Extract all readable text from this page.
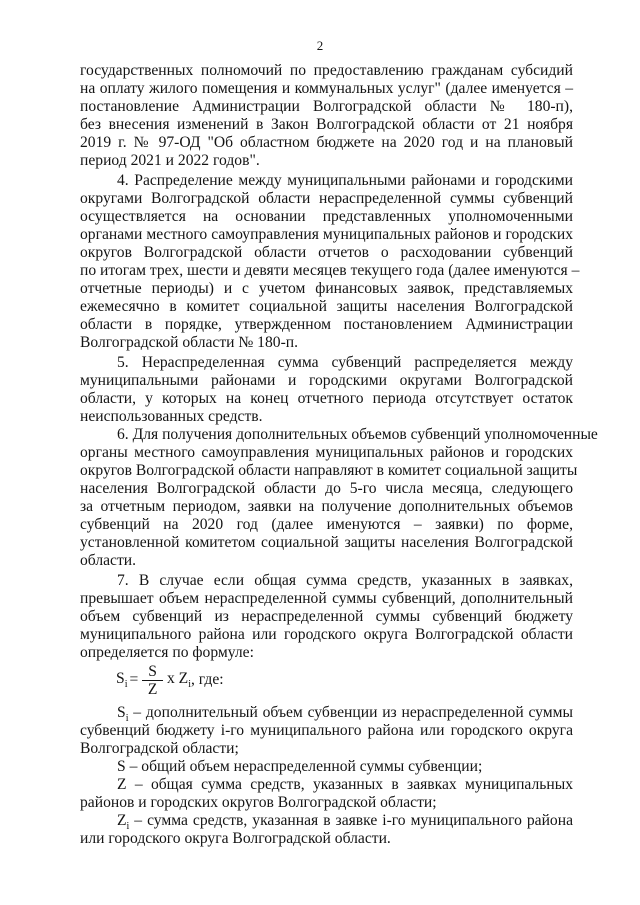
2
государственных полномочий по предоставлению гражданам субсидий
на оплату жилого помещения и коммунальных услуг" (далее именуется –
постановление Администрации Волгоградской области № 180-п),
без внесения изменений в Закон Волгоградской области от 21 ноября
2019 г. № 97-ОД "Об областном бюджете на 2020 год и на плановый
период 2021 и 2022 годов".
4. Распределение между муниципальными районами и городскими
округами Волгоградской области нераспределенной суммы субвенций
осуществляется на основании представленных уполномоченными
органами местного самоуправления муниципальных районов и городских
округов Волгоградской области отчетов о расходовании субвенций
по итогам трех, шести и девяти месяцев текущего года (далее именуются –
отчетные периоды) и с учетом финансовых заявок, представляемых
ежемесячно в комитет социальной защиты населения Волгоградской
области в порядке, утвержденном постановлением Администрации
Волгоградской области № 180-п.
5. Нераспределенная сумма субвенций распределяется между
муниципальными районами и городскими округами Волгоградской
области, у которых на конец отчетного периода отсутствует остаток
неиспользованных средств.
6. Для получения дополнительных объемов субвенций уполномоченные
органы местного самоуправления муниципальных районов и городских
округов Волгоградской области направляют в комитет социальной защиты
населения Волгоградской области до 5-го числа месяца, следующего
за отчетным периодом, заявки на получение дополнительных объемов
субвенций на 2020 год (далее именуются – заявки) по форме,
установленной комитетом социальной защиты населения Волгоградской
области.
7. В случае если общая сумма средств, указанных в заявках,
превышает объем нераспределенной суммы субвенций, дополнительный
объем субвенций из нераспределенной суммы субвенций бюджету
муниципального района или городского округа Волгоградской области
определяется по формуле:
$S_i = \frac{S}{Z}$ x $Z_i$ , где:
$S_i$ – дополнительный объем субвенции из нераспределенной суммы
субвенций бюджету i-го муниципального района или городского округа
Волгоградской области;
S – общий объем нераспределенной суммы субвенции;
Z – общая сумма средств, указанных в заявках муниципальных
районов и городских округов Волгоградской области;
$Z_i$ – сумма средств, указанная в заявке i-го муниципального района
или городского округа Волгоградской области.
